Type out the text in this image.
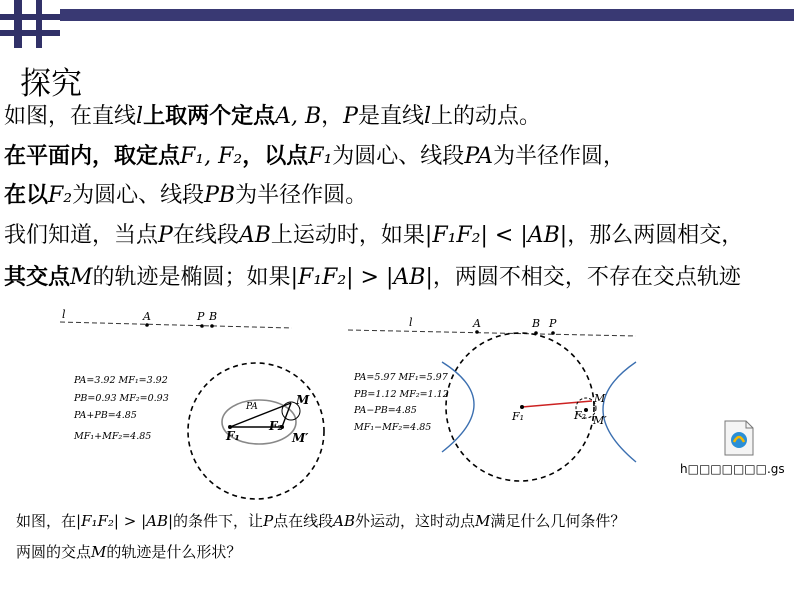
探究
如图，在直线l上取两个定点A, B，P是直线l上的动点。
在平面内，取定点F₁, F₂，以点F₁为圆心、线段PA为半径作圆，
在以F₂为圆心、线段PB为半径作圆。
我们知道，当点P在线段AB上运动时，如果|F₁F₂| < |AB|，那么两圆相交，
其交点M的轨迹是椭圆；如果|F₁F₂| > |AB|，两圆不相交，不存在交点轨迹
l	A	P B
M
M′
F₁
F₂
PA
PA=3.92 MF₁=3.92
PB=0.93 MF₂=0.93
PA+PB=4.85
MF₁+MF₂=4.85
l	A	B P
M
M′
F₁	F₂
PA=5.97 MF₁=5.97
PB=1.12 MF₂=1.12
PA−PB=4.85
MF₁−MF₂=4.85
h□□□□□□□.gs
如图，在|F₁F₂| > |AB|的条件下，让P点在线段AB外运动，这时动点M满足什么几何条件？
两圆的交点M的轨迹是什么形状？
